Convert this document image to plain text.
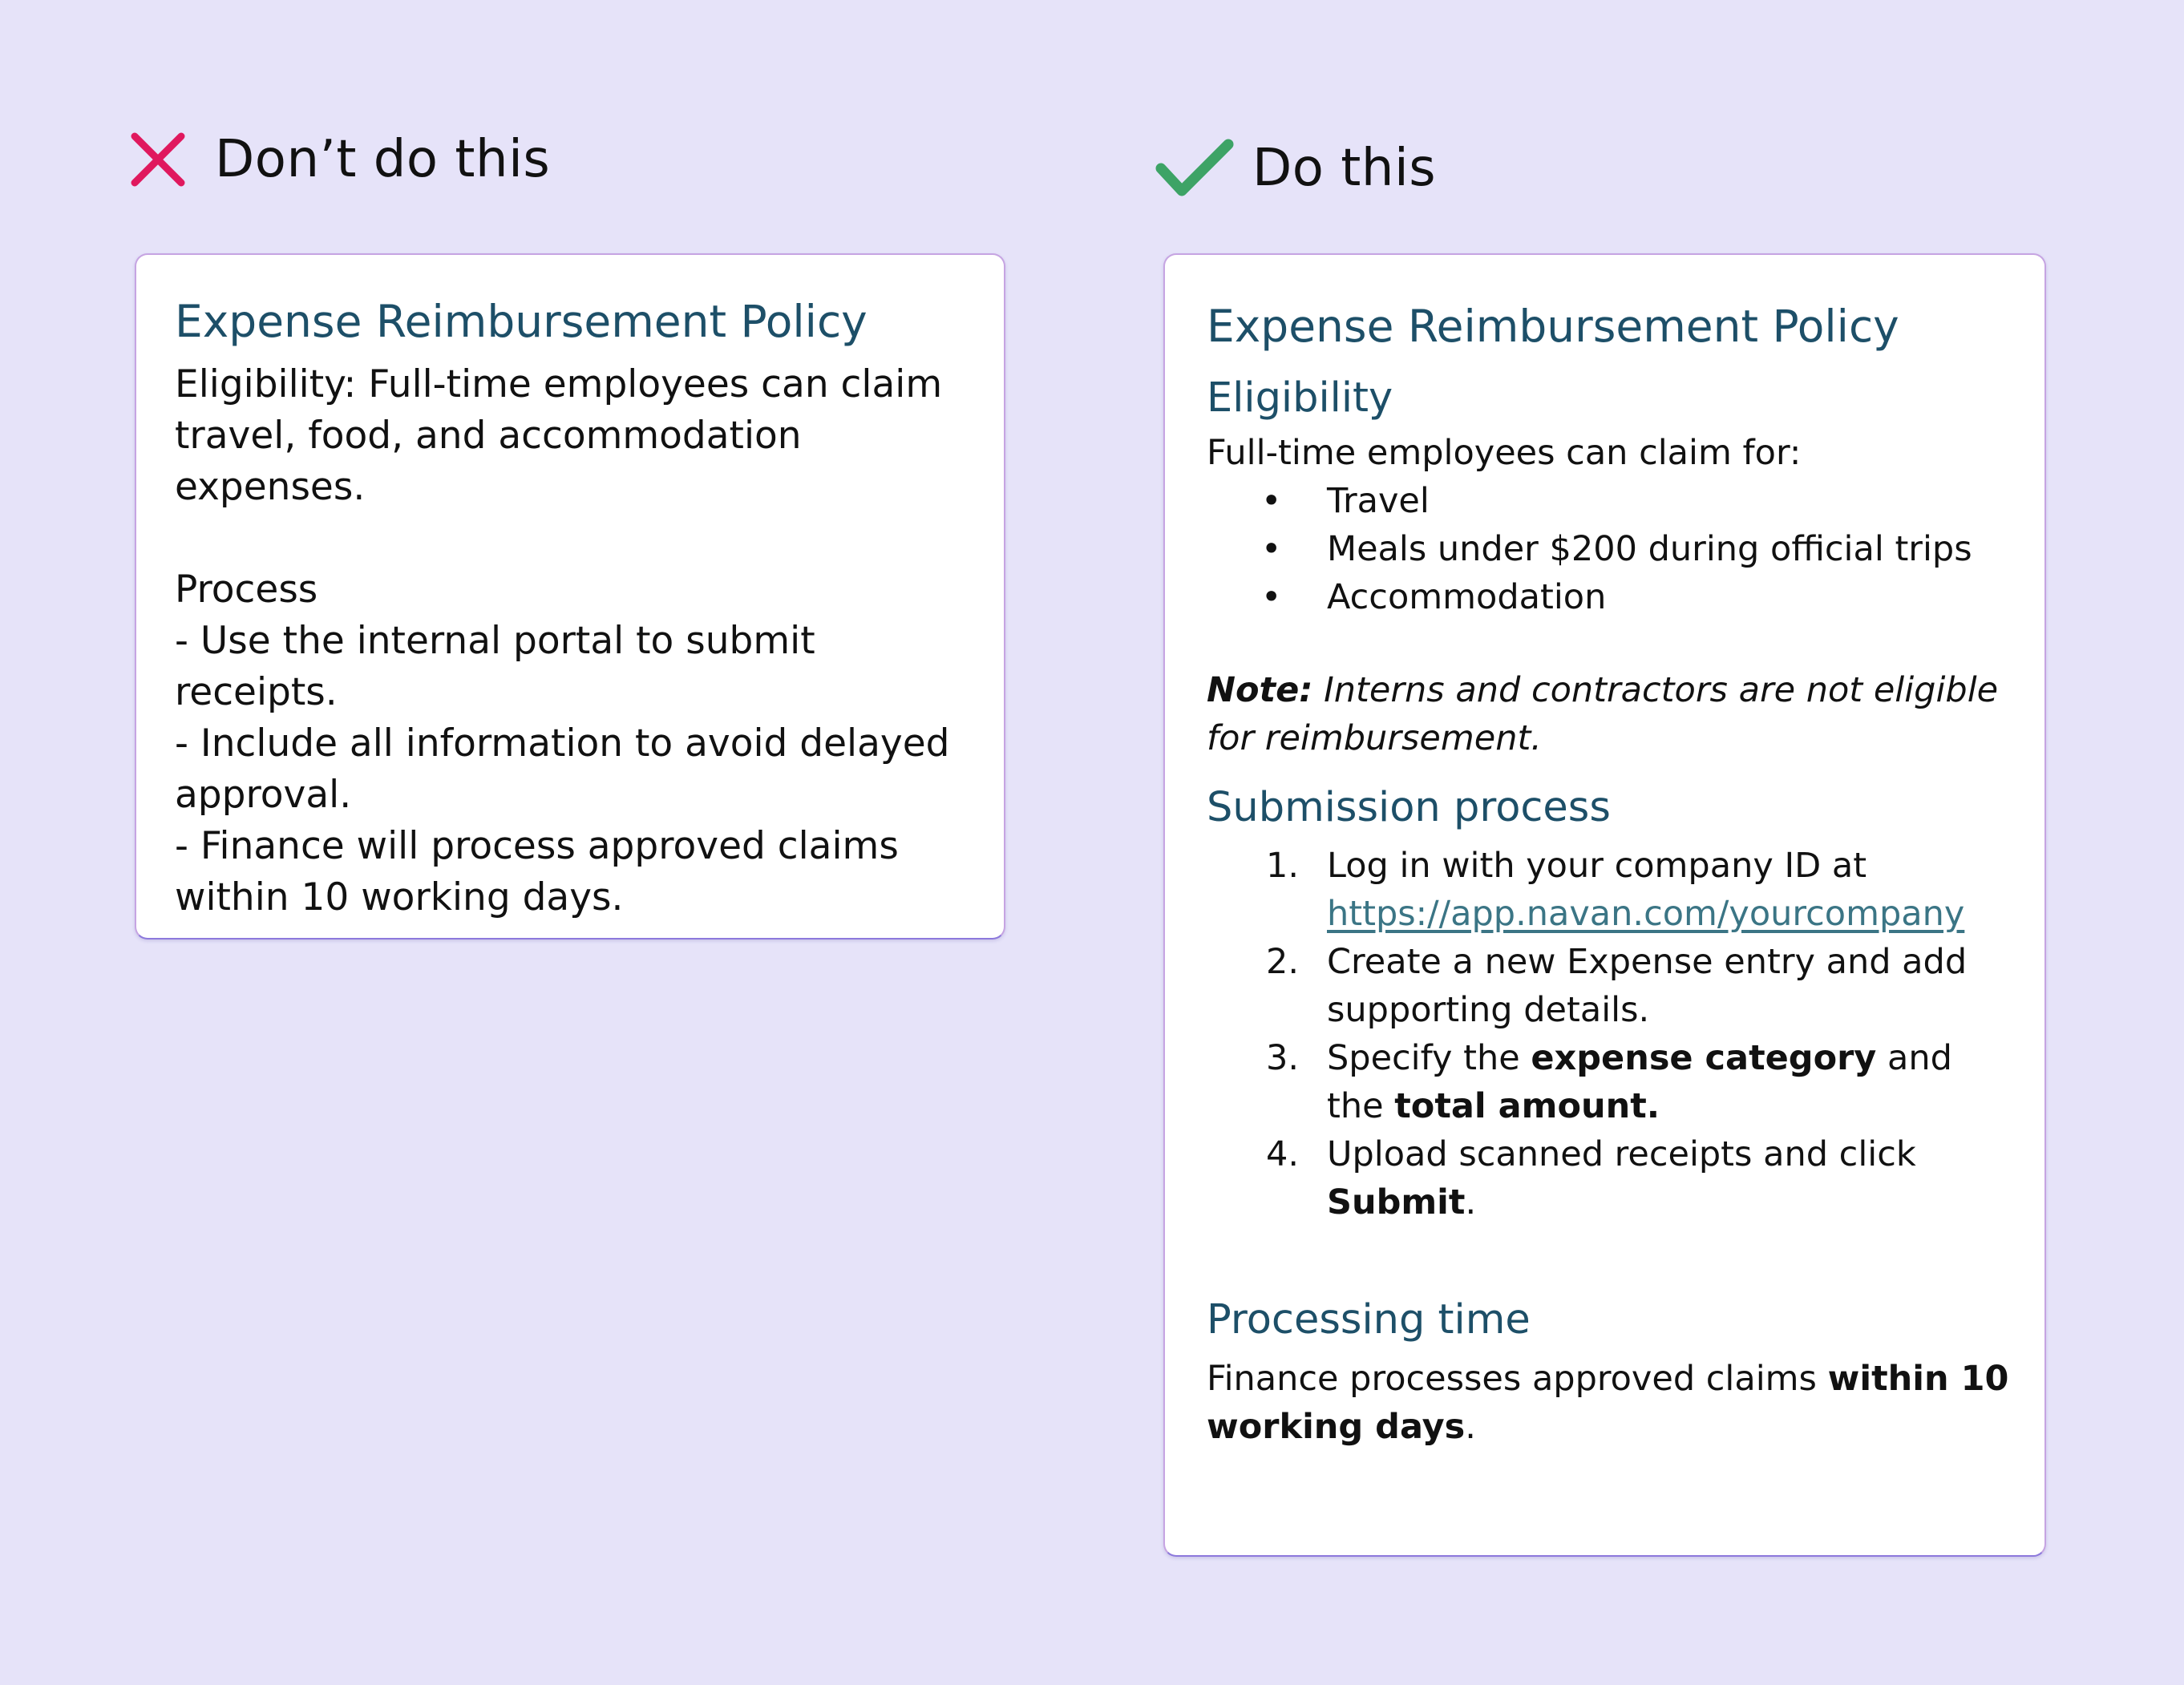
Don’t do this	Do this
Expense Reimbursement Policy

Eligibility: Full-time employees can claim travel, food, and accommodation expenses.

Process

- Use the internal portal to submit receipts.

- Include all information to avoid delayed approval.

- Finance will process approved claims within 10 working days.

Expense Reimbursement Policy
Eligibility

Full-time employees can claim for:

•	Travel
•	Meals under $200 during official trips
•	Accommodation

Note: Interns and contractors are not eligible for reimbursement.

Submission process
1. Log in with your company ID at
https://app.navan.com/yourcompany
2. Create a new Expense entry and add supporting details.
3. Specify the expense category and the total amount.
4. Upload scanned receipts and click Submit.
Processing time

Finance processes approved claims within 10 working days.
